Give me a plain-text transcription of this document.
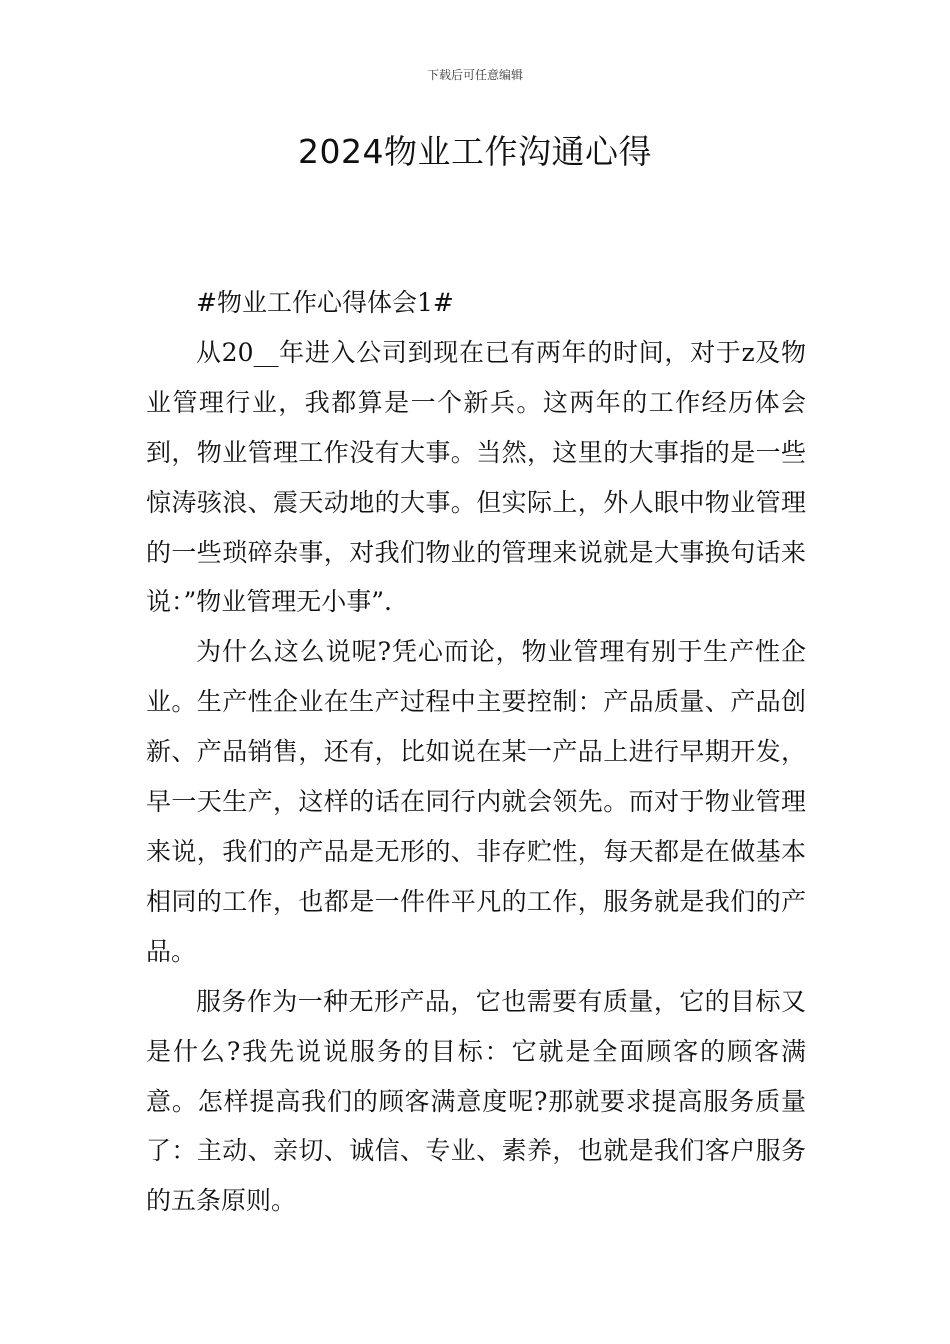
下载后可任意编辑
2024物业工作沟通心得

#物业工作心得体会1#

从20__年进入公司到现在已有两年的时间，对于z及物业管理行业，我都算是一个新兵。这两年的工作经历体会到，物业管理工作没有大事。当然，这里的大事指的是一些惊涛骇浪、震天动地的大事。但实际上，外人眼中物业管理的一些琐碎杂事，对我们物业的管理来说就是大事换句话来说：”物业管理无小事”.

为什么这么说呢?凭心而论，物业管理有别于生产性企业。生产性企业在生产过程中主要控制：产品质量、产品创新、产品销售，还有，比如说在某一产品上进行早期开发，早一天生产，这样的话在同行内就会领先。而对于物业管理来说，我们的产品是无形的、非存贮性，每天都是在做基本相同的工作，也都是一件件平凡的工作，服务就是我们的产品。

服务作为一种无形产品，它也需要有质量，它的目标又是什么?我先说说服务的目标：它就是全面顾客的顾客满意。怎样提高我们的顾客满意度呢?那就要求提高服务质量了：主动、亲切、诚信、专业、素养，也就是我们客户服务的五条原则。
